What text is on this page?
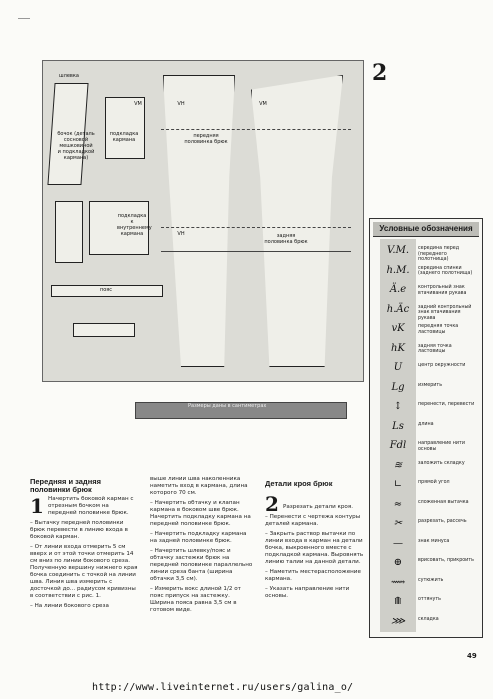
шлевка
бочок (деталь сосновой мешковиной и подкладкой кармана)
подкладка кармана
VM
подкладка к внутреннему кармана
пояс
передняя половинка брюк
VH
VH	задняя половинка брюк
VM
2
Размеры даны в сантиметрах
Передняя и задняя половинки брюк
1 Начертить боковой карман с отрезным бочком на передней половинке брюк.

– Вытачку передней половинки брюк перевести в линию входа в боковой карман.

– От линии входа отмерить 5 см вверх и от этой точки отмерить 14 см вниз по линии бокового среза. Полученную вершину нижнего края бочка соединить с точкой на линии шва. Линия шва измерить с досточкой до... радиусом кривизны в соответствии с рис. 1.

– На линии бокового среза

выше линии шва наколенника наметить вход в кармана, длина которого 70 см.

– Начертить обтачку и клапан кармана в боковом шве брюк. Начертить подкладку кармана на передней половинке брюк.

– Начертить подкладку кармана на задней половинке брюк.

– Начертить шлевку/пояс и обтачку застежки брюк на передней половинке параллельно линии среза банта (ширина обтачки 3,5 см).

– Измерить вокс длиной 1/2 от пояс припуск на застежку. Ширина пояса равна 3,5 см в готовом виде.

Детали кроя брюк
2 Разрезать детали кроя.

– Перенести с чертежа контуры деталей кармана.

– Закрыть раствор вытачки по линии входа в карман на детали бочка, выкроенного вместе с подкладкой кармана. Выровнять линию талии на данной детали.

– Наметить местерасположение кармана.

– Указать направление нити основы.

Условные обозначения
V.M.	середина перед (переднего полотнища)
h.M.	середина спинки (заднего полотнища)
Ä.e	контрольный знак втачивания рукава
h.Äc	задний контрольный знак втачивания рукава
vK	передняя точка ластовицы
hK	задняя точка ластовицы
U	центр окружности
Lg	измерить
↕	перенести, перевести
Ls	длина
Fdl	направление нити основы
≋	заложить складку
∟	прямой угол
≈	сложенная вытачка
✂	разрезать, рассечь
—	знак минуса
⊕	врисовать, прикроить
⟿	сутюжить
⟰	оттянуть
⋙	складка
49
http://www.liveinternet.ru/users/galina_o/
